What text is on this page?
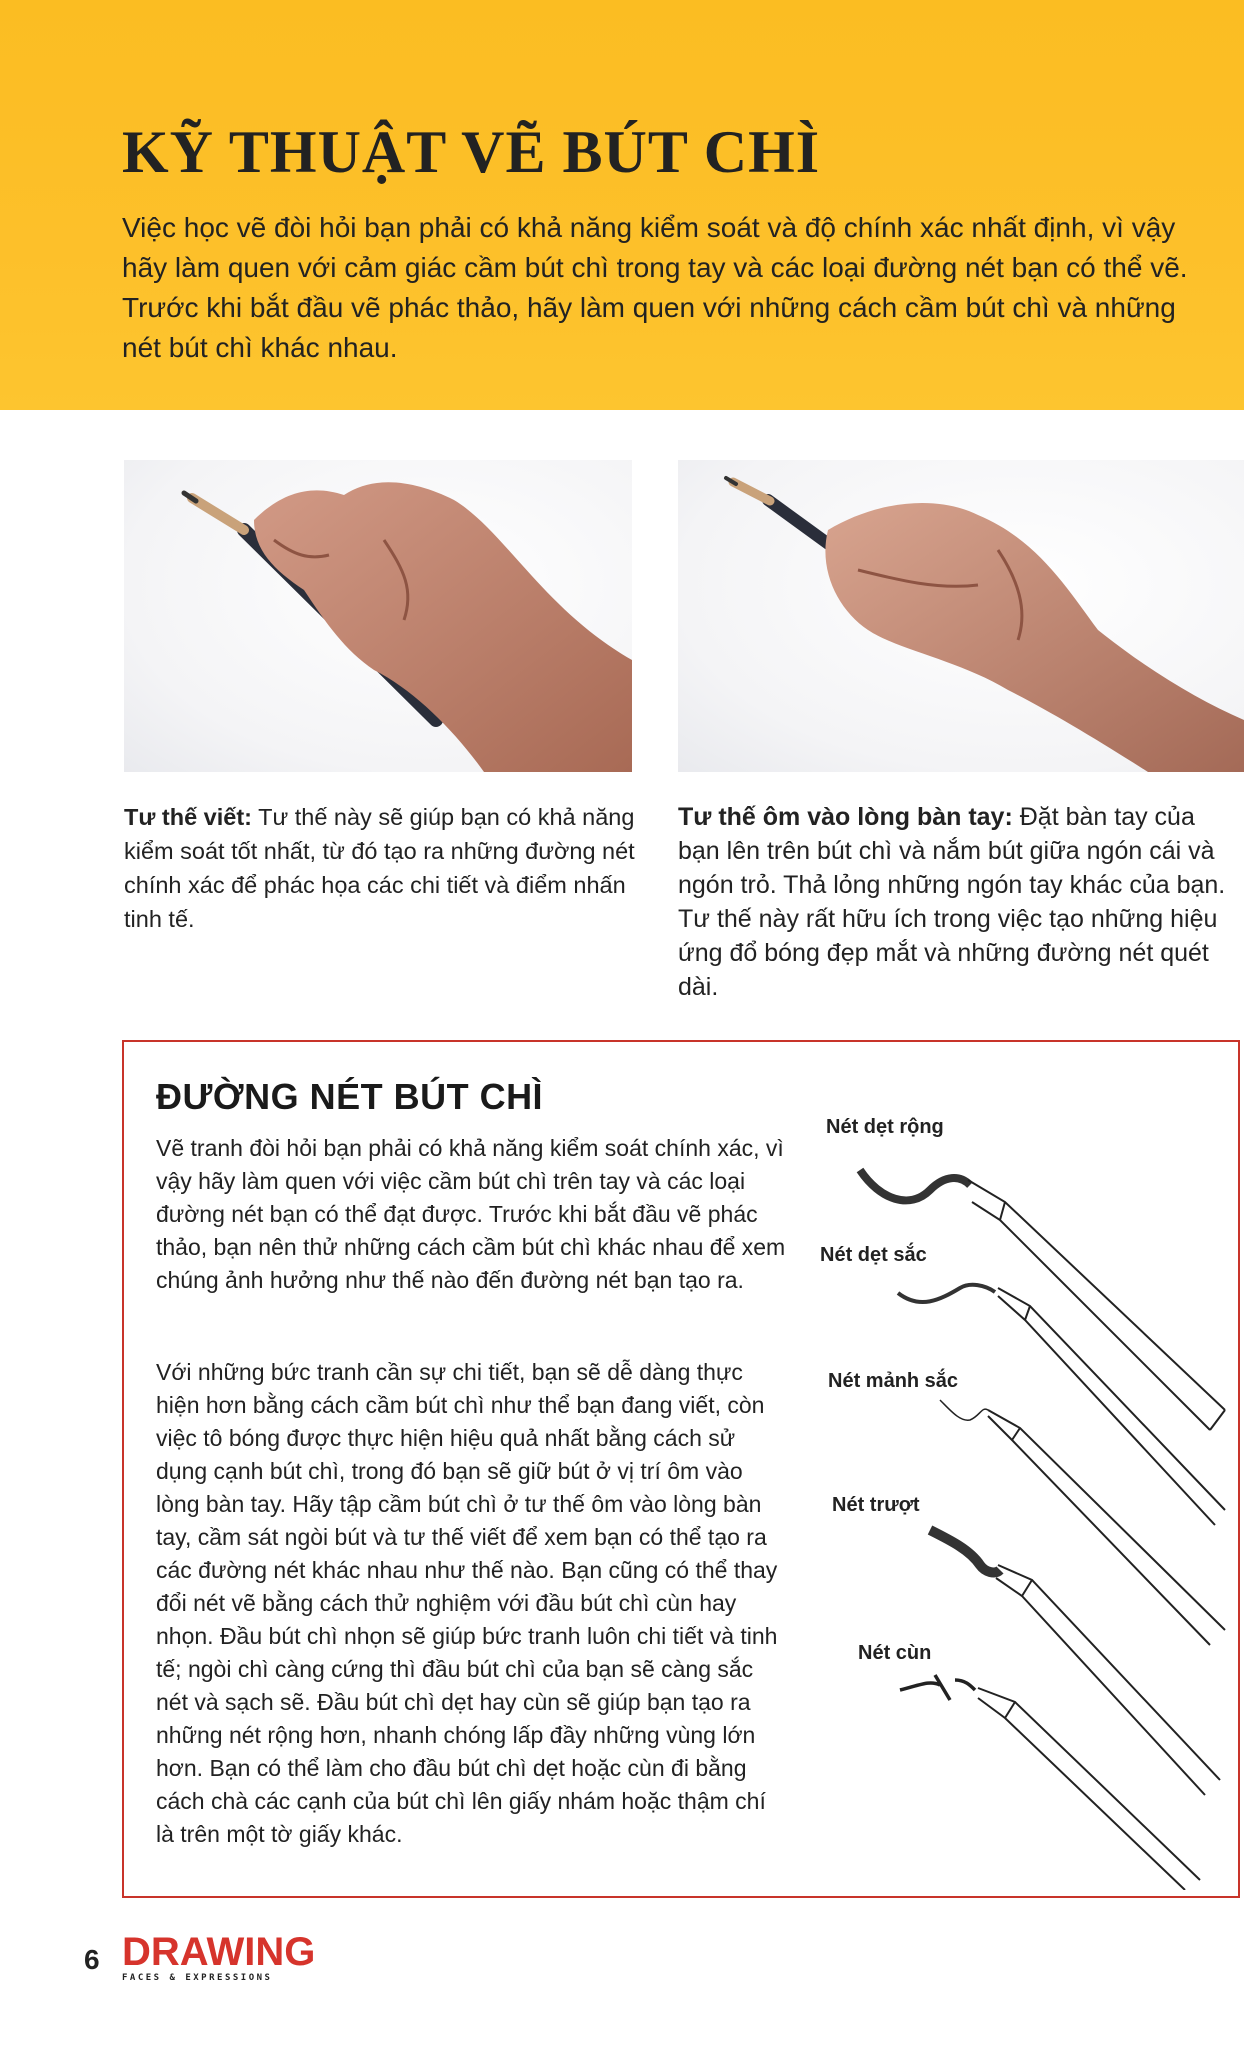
KỸ THUẬT VẼ BÚT CHÌ

Việc học vẽ đòi hỏi bạn phải có khả năng kiểm soát và độ chính xác nhất định, vì vậy hãy làm quen với cảm giác cầm bút chì trong tay và các loại đường nét bạn có thể vẽ. Trước khi bắt đầu vẽ phác thảo, hãy làm quen với những cách cầm bút chì và những nét bút chì khác nhau.

Tư thế viết: Tư thế này sẽ giúp bạn có khả năng kiểm soát tốt nhất, từ đó tạo ra những đường nét chính xác để phác họa các chi tiết và điểm nhấn tinh tế.

Tư thế ôm vào lòng bàn tay: Đặt bàn tay của bạn lên trên bút chì và nắm bút giữa ngón cái và ngón trỏ. Thả lỏng những ngón tay khác của bạn. Tư thế này rất hữu ích trong việc tạo những hiệu ứng đổ bóng đẹp mắt và những đường nét quét dài.

ĐƯỜNG NÉT BÚT CHÌ

Vẽ tranh đòi hỏi bạn phải có khả năng kiểm soát chính xác, vì vậy hãy làm quen với việc cầm bút chì trên tay và các loại đường nét bạn có thể đạt được. Trước khi bắt đầu vẽ phác thảo, bạn nên thử những cách cầm bút chì khác nhau để xem chúng ảnh hưởng như thế nào đến đường nét bạn tạo ra.

Với những bức tranh cần sự chi tiết, bạn sẽ dễ dàng thực hiện hơn bằng cách cầm bút chì như thể bạn đang viết, còn việc tô bóng được thực hiện hiệu quả nhất bằng cách sử dụng cạnh bút chì, trong đó bạn sẽ giữ bút ở vị trí ôm vào lòng bàn tay. Hãy tập cầm bút chì ở tư thế ôm vào lòng bàn tay, cầm sát ngòi bút và tư thế viết để xem bạn có thể tạo ra các đường nét khác nhau như thế nào. Bạn cũng có thể thay đổi nét vẽ bằng cách thử nghiệm với đầu bút chì cùn hay nhọn. Đầu bút chì nhọn sẽ giúp bức tranh luôn chi tiết và tinh tế; ngòi chì càng cứng thì đầu bút chì của bạn sẽ càng sắc nét và sạch sẽ. Đầu bút chì dẹt hay cùn sẽ giúp bạn tạo ra những nét rộng hơn, nhanh chóng lấp đầy những vùng lớn hơn. Bạn có thể làm cho đầu bút chì dẹt hoặc cùn đi bằng cách chà các cạnh của bút chì lên giấy nhám hoặc thậm chí là trên một tờ giấy khác.

Nét dẹt rộng

Nét dẹt sắc

Nét mảnh sắc

Nét trượt

Nét cùn

6 DRAWING
FACES & EXPRESSIONS
